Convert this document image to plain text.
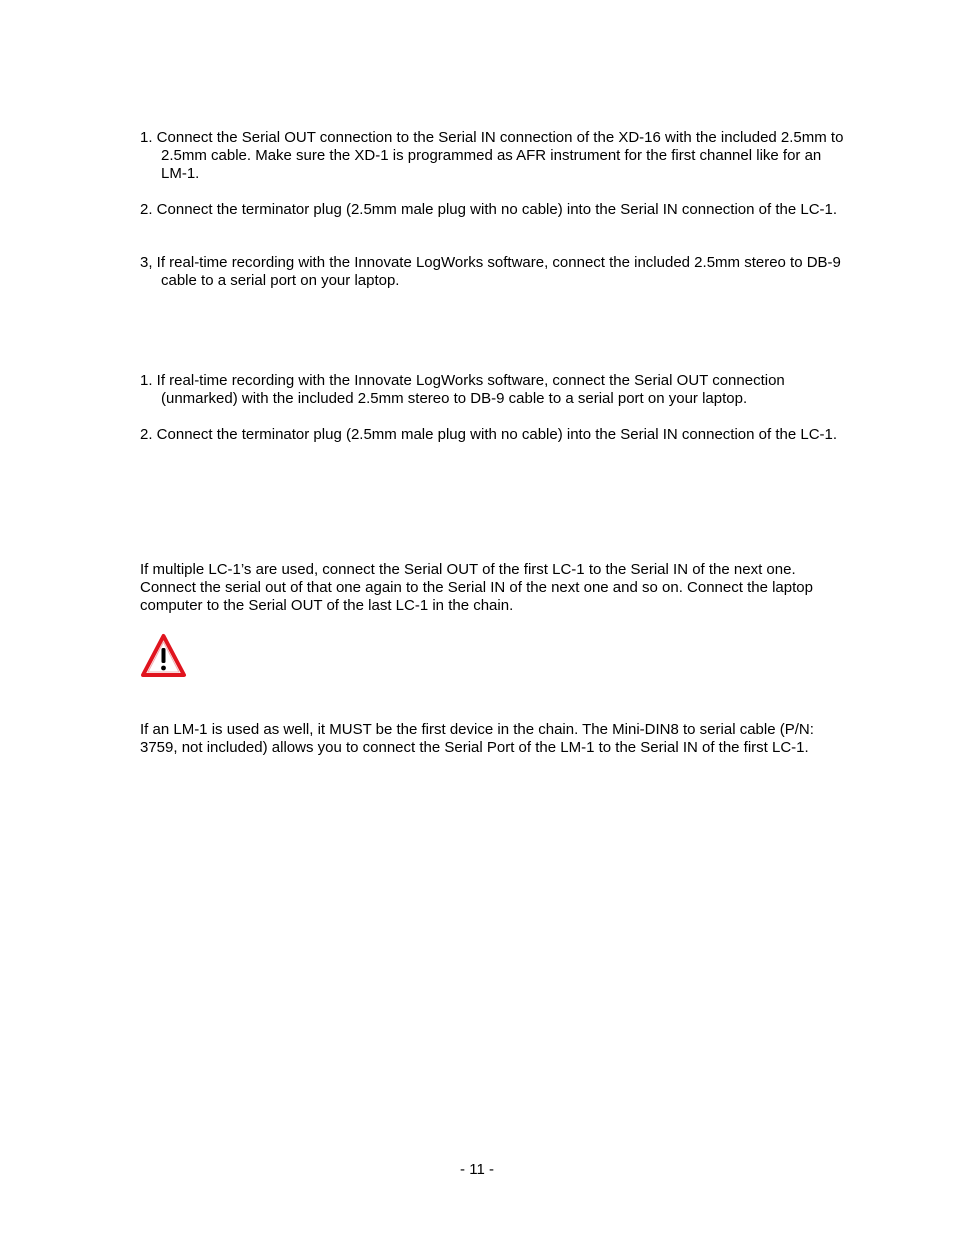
1. Connect the Serial OUT connection to the Serial IN connection of the XD-16 with the included 2.5mm to 2.5mm cable. Make sure the XD-1 is programmed as AFR instrument for the first channel like for an LM-1.

2. Connect the terminator plug (2.5mm male plug with no cable) into the Serial IN connection of the LC-1.

3, If real-time recording with the Innovate LogWorks software, connect the included 2.5mm stereo to DB-9 cable to a serial port on your laptop.

1. If real-time recording with the Innovate LogWorks software, connect the Serial OUT connection (unmarked) with the included 2.5mm stereo to DB-9 cable to a serial port on your laptop.

2. Connect the terminator plug (2.5mm male plug with no cable) into the Serial IN connection of the LC-1.

If multiple LC-1’s are used, connect the Serial OUT of the first LC-1 to the Serial IN of the next one. Connect the serial out of that one again to the Serial IN of the next one and so on. Connect the laptop computer to the Serial OUT of the last LC-1 in the chain.

If an LM-1 is used as well, it MUST be the first device in the chain. The Mini-DIN8 to serial cable (P/N: 3759, not included) allows you to connect the Serial Port of the LM-1 to the Serial IN of the first LC-1.

- 11 -
